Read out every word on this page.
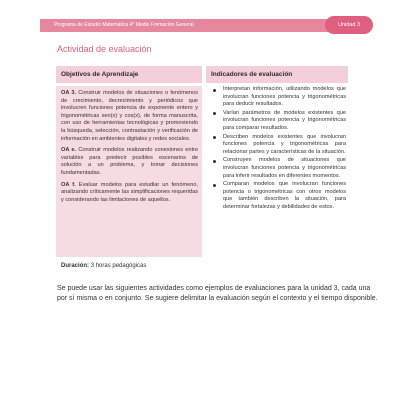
Programa de Estudio Matemática 4° Medio Formación General	Unidad 3
Actividad de evaluación
Objetivos de Aprendizaje	Indicadores de evaluación

OA 3. Construir modelos de situaciones o fenómenos de crecimiento, decrecimiento y periódicos que involucren funciones potencia de exponente entero y trigonométricas sen(x) y cos(x), de forma manuscrita, con uso de herramientas tecnológicas y promoviendo la búsqueda, selección, contrastación y verificación de información en ambientes digitales y redes sociales.

OA e. Construir modelos realizando conexiones entre variables para predecir posibles escenarios de solución a un problema, y tomar decisiones fundamentadas.

OA f. Evaluar modelos para estudiar un fenómeno, analizando críticamente las simplificaciones requeridas y considerando las limitaciones de aquellos.

Interpretan información, utilizando modelos que involucran funciones potencia y trigonométricas para deducir resultados.
Varían parámetros de modelos existentes que involucran funciones potencia y trigonométricas para comparar resultados.
Describen modelos existentes que involucran funciones potencia y trigonométricas para relacionar partes y características de la situación.
Construyen modelos de situaciones que involucran funciones potencia y trigonométricas para inferir resultados en diferentes momentos.
Comparan modelos que involucran funciones potencia o trigonométricas con otros modelos que también describen la situación, para determinar fortalezas y debilidades de estos.
Duración: 3 horas pedagógicas

Se puede usar las siguientes actividades como ejemplos de evaluaciones para la unidad 3, cada una por sí misma o en conjunto. Se sugiere delimitar la evaluación según el contexto y el tiempo disponible.
